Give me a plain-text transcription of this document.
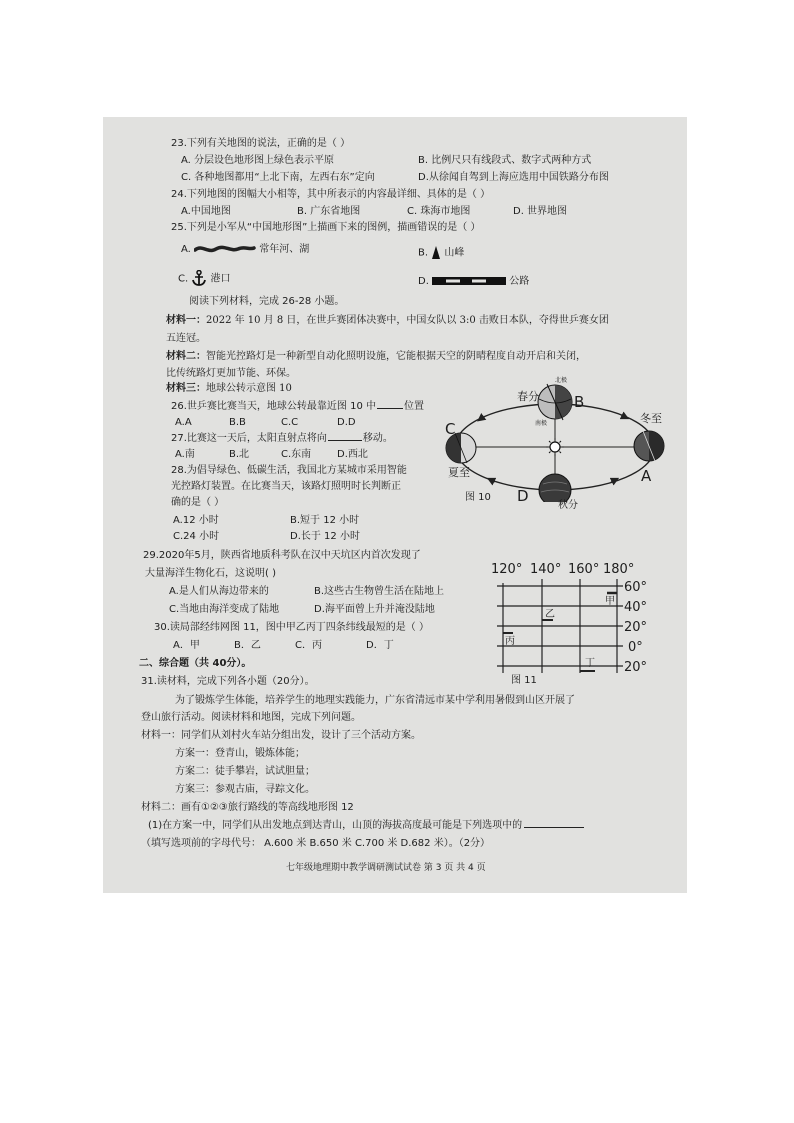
23.下列有关地图的说法，正确的是（ ）
A. 分层设色地形图上绿色表示平原	B. 比例尺只有线段式、数字式两种方式
C. 各种地图都用“上北下南，左西右东”定向	D.从徐闻自驾到上海应选用中国铁路分布图
24.下列地图的图幅大小相等，其中所表示的内容最详细、具体的是（ ）
A.中国地图	B. 广东省地图	C. 珠海市地图	D. 世界地图
25.下列是小军从“中国地形图”上描画下来的图例，描画错误的是（ ）
A.	常年河、湖	B. 山峰
C. 港口	D.	公路
阅读下列材料，完成 26-28 小题。
材料一：2022 年 10 月 8 日，在世乒赛团体决赛中，中国女队以 3:0 击败日本队，夺得世乒赛女团
五连冠。
材料二：智能光控路灯是一种新型自动化照明设施，它能根据天空的阴晴程度自动开启和关闭，
比传统路灯更加节能、环保。
材料三：地球公转示意图 10
26.世乒赛比赛当天，地球公转最靠近图 10 中	位置
A.A	B.B	C.C	D.D
27.比赛这一天后，太阳直射点将向	移动。
A.南	B.北	C.东南	D.西北
28.为倡导绿色、低碳生活，我国北方某城市采用智能
光控路灯装置。在比赛当天，该路灯照明时长判断正
确的是（ ）
A.12 小时	B.短于 12 小时
C.24 小时	D.长于 12 小时
春分
北极
南极
B
C
冬至
A
夏至
D
图 10
秋分
29.2020年5月，陕西省地质科考队在汉中天坑区内首次发现了
大量海洋生物化石，这说明( )
A.是人们从海边带来的	B.这些古生物曾生活在陆地上
C.当地由海洋变成了陆地	D.海平面曾上升并淹没陆地
30.读局部经纬网图 11，图中甲乙丙丁四条纬线最短的是（ ）
A．甲	B．乙	C．丙	D．丁
120° 140° 160° 180°
60°
40°
20°
0°
20°
甲
乙
丙
丁
图 11
二、综合题（共 40分）。
31.读材料，完成下列各小题（20分）。
为了锻炼学生体能，培养学生的地理实践能力，广东省清远市某中学利用暑假到山区开展了
登山旅行活动。阅读材料和地图，完成下列问题。
材料一：同学们从刘村火车站分组出发，设计了三个活动方案。
方案一：登青山，锻炼体能；
方案二：徒手攀岩，试试胆量；
方案三：参观古庙，寻踪文化。
材料二：画有①②③旅行路线的等高线地形图 12
(1)在方案一中，同学们从出发地点到达青山，山顶的海拔高度最可能是下列选项中的
（填写选项前的字母代号： A.600 米 B.650 米 C.700 米 D.682 米）。（2分）
七年级地理期中教学调研测试试卷 第 3 页 共 4 页
